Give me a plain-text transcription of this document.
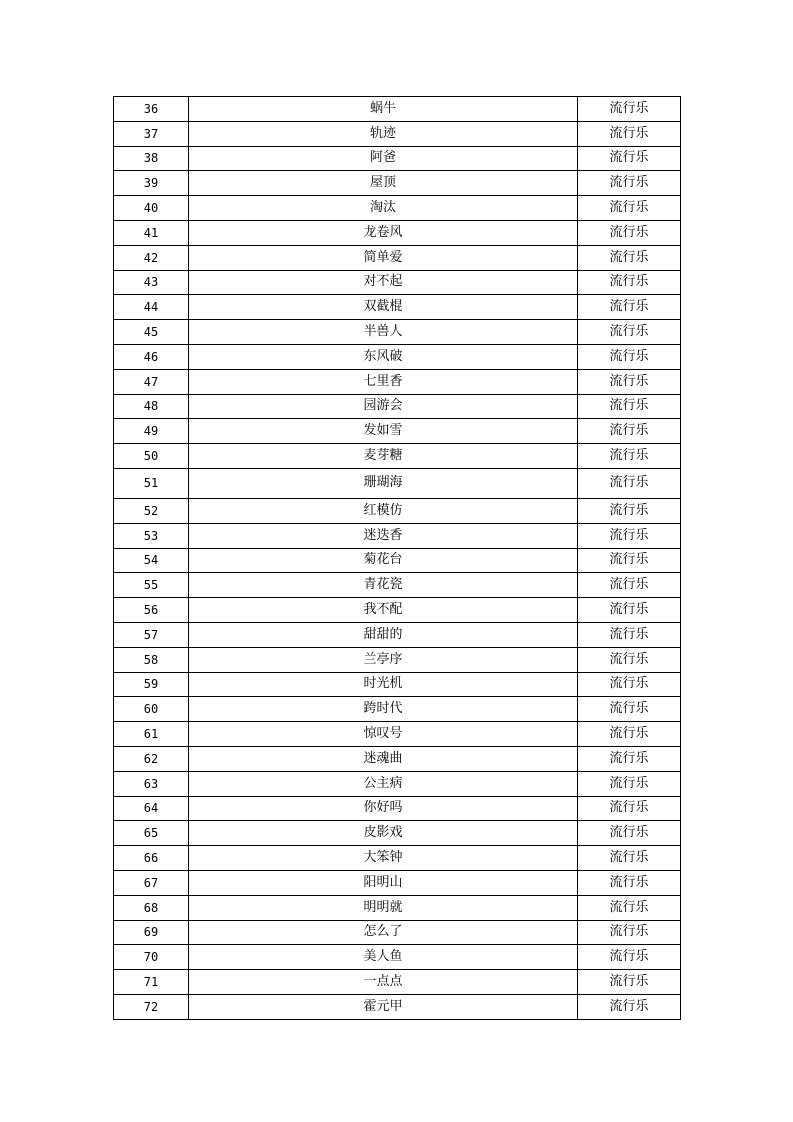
36	蜗牛	流行乐
37	轨迹	流行乐
38	阿爸	流行乐
39	屋顶	流行乐
40	淘汰	流行乐
41	龙卷风	流行乐
42	简单爱	流行乐
43	对不起	流行乐
44	双截棍	流行乐
45	半兽人	流行乐
46	东风破	流行乐
47	七里香	流行乐
48	园游会	流行乐
49	发如雪	流行乐
50	麦芽糖	流行乐
51	珊瑚海	流行乐
52	红模仿	流行乐
53	迷迭香	流行乐
54	菊花台	流行乐
55	青花瓷	流行乐
56	我不配	流行乐
57	甜甜的	流行乐
58	兰亭序	流行乐
59	时光机	流行乐
60	跨时代	流行乐
61	惊叹号	流行乐
62	迷魂曲	流行乐
63	公主病	流行乐
64	你好吗	流行乐
65	皮影戏	流行乐
66	大笨钟	流行乐
67	阳明山	流行乐
68	明明就	流行乐
69	怎么了	流行乐
70	美人鱼	流行乐
71	一点点	流行乐
72	霍元甲	流行乐
